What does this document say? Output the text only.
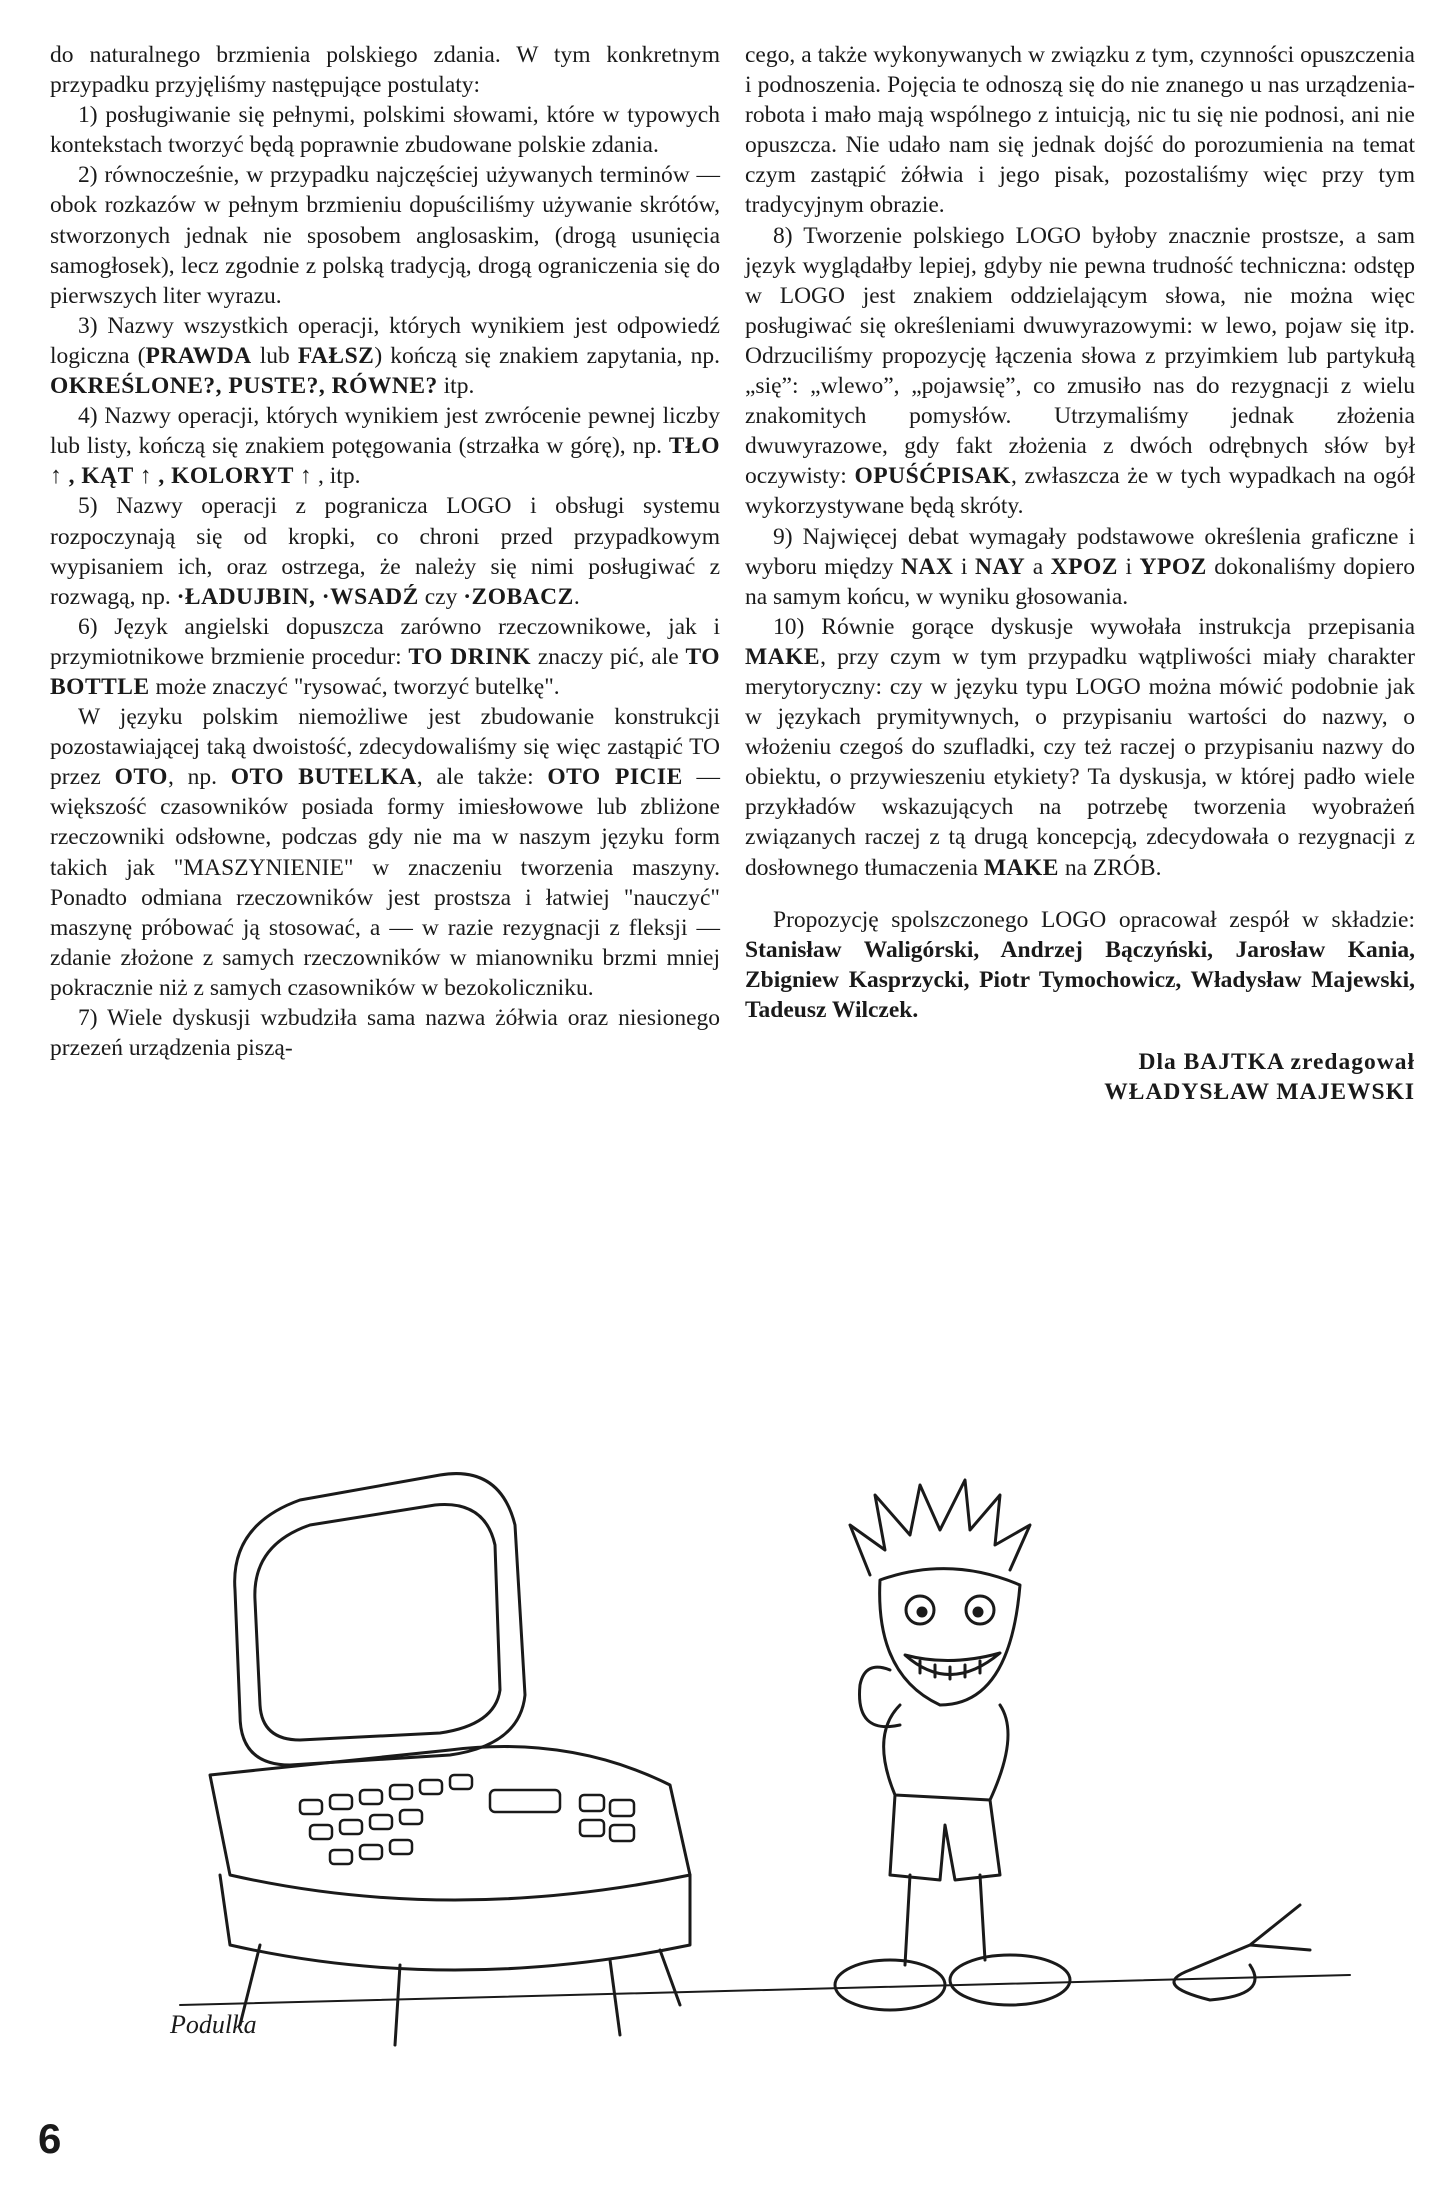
do naturalnego brzmienia polskiego zdania. W tym konkretnym przypadku przyjęliśmy następujące postulaty:

1) posługiwanie się pełnymi, polskimi słowami, które w typowych kontekstach tworzyć będą poprawnie zbudowane polskie zdania.

2) równocześnie, w przypadku najczęściej używanych terminów — obok rozkazów w pełnym brzmieniu dopuściliśmy używanie skrótów, stworzonych jednak nie sposobem anglosaskim, (drogą usunięcia samogłosek), lecz zgodnie z polską tradycją, drogą ograniczenia się do pierwszych liter wyrazu.

3) Nazwy wszystkich operacji, których wynikiem jest odpowiedź logiczna (PRAWDA lub FAŁSZ) kończą się znakiem zapytania, np. OKREŚLONE?, PUSTE?, RÓWNE? itp.

4) Nazwy operacji, których wynikiem jest zwrócenie pewnej liczby lub listy, kończą się znakiem potęgowania (strzałka w górę), np. TŁO ↑ , KĄT ↑ , KOLORYT ↑ , itp.

5) Nazwy operacji z pogranicza LOGO i obsługi systemu rozpoczynają się od kropki, co chroni przed przypadkowym wypisaniem ich, oraz ostrzega, że należy się nimi posługiwać z rozwagą, np. ·ŁADUJBIN, ·WSADŹ czy ·ZOBACZ.

6) Język angielski dopuszcza zarówno rzeczownikowe, jak i przymiotnikowe brzmienie procedur: TO DRINK znaczy pić, ale TO BOTTLE może znaczyć "rysować, tworzyć butelkę".

W języku polskim niemożliwe jest zbudowanie konstrukcji pozostawiającej taką dwoistość, zdecydowaliśmy się więc zastąpić TO przez OTO, np. OTO BUTELKA, ale także: OTO PICIE — większość czasowników posiada formy imiesłowowe lub zbliżone rzeczowniki odsłowne, podczas gdy nie ma w naszym języku form takich jak "MASZYNIENIE" w znaczeniu tworzenia maszyny. Ponadto odmiana rzeczowników jest prostsza i łatwiej "nauczyć" maszynę próbować ją stosować, a — w razie rezygnacji z fleksji — zdanie złożone z samych rzeczowników w mianowniku brzmi mniej pokracznie niż z samych czasowników w bezokoliczniku.

7) Wiele dyskusji wzbudziła sama nazwa żółwia oraz niesionego przezeń urządzenia piszą-

cego, a także wykonywanych w związku z tym, czynności opuszczenia i podnoszenia. Pojęcia te odnoszą się do nie znanego u nas urządzenia-robota i mało mają wspólnego z intuicją, nic tu się nie podnosi, ani nie opuszcza. Nie udało nam się jednak dojść do porozumienia na temat czym zastąpić żółwia i jego pisak, pozostaliśmy więc przy tym tradycyjnym obrazie.

8) Tworzenie polskiego LOGO byłoby znacznie prostsze, a sam język wyglądałby lepiej, gdyby nie pewna trudność techniczna: odstęp w LOGO jest znakiem oddzielającym słowa, nie można więc posługiwać się określeniami dwuwyrazowymi: w lewo, pojaw się itp. Odrzuciliśmy propozycję łączenia słowa z przyimkiem lub partykułą „się”: „wlewo”, „pojawsię”, co zmusiło nas do rezygnacji z wielu znakomitych pomysłów. Utrzymaliśmy jednak złożenia dwuwyrazowe, gdy fakt złożenia z dwóch odrębnych słów był oczywisty: OPUŚĆPISAK, zwłaszcza że w tych wypadkach na ogół wykorzystywane będą skróty.

9) Najwięcej debat wymagały podstawowe określenia graficzne i wyboru między NAX i NAY a XPOZ i YPOZ dokonaliśmy dopiero na samym końcu, w wyniku głosowania.

10) Równie gorące dyskusje wywołała instrukcja przepisania MAKE, przy czym w tym przypadku wątpliwości miały charakter merytoryczny: czy w języku typu LOGO można mówić podobnie jak w językach prymitywnych, o przypisaniu wartości do nazwy, o włożeniu czegoś do szufladki, czy też raczej o przypisaniu nazwy do obiektu, o przywieszeniu etykiety? Ta dyskusja, w której padło wiele przykładów wskazujących na potrzebę tworzenia wyobrażeń związanych raczej z tą drugą koncepcją, zdecydowała o rezygnacji z dosłownego tłumaczenia MAKE na ZRÓB.

Propozycję spolszczonego LOGO opracował zespół w składzie: Stanisław Waligórski, Andrzej Bączyński, Jarosław Kania, Zbigniew Kasprzycki, Piotr Tymochowicz, Władysław Majewski, Tadeusz Wilczek.

Dla BAJTKA zredagował
WŁADYSŁAW MAJEWSKI
Podulka
6
